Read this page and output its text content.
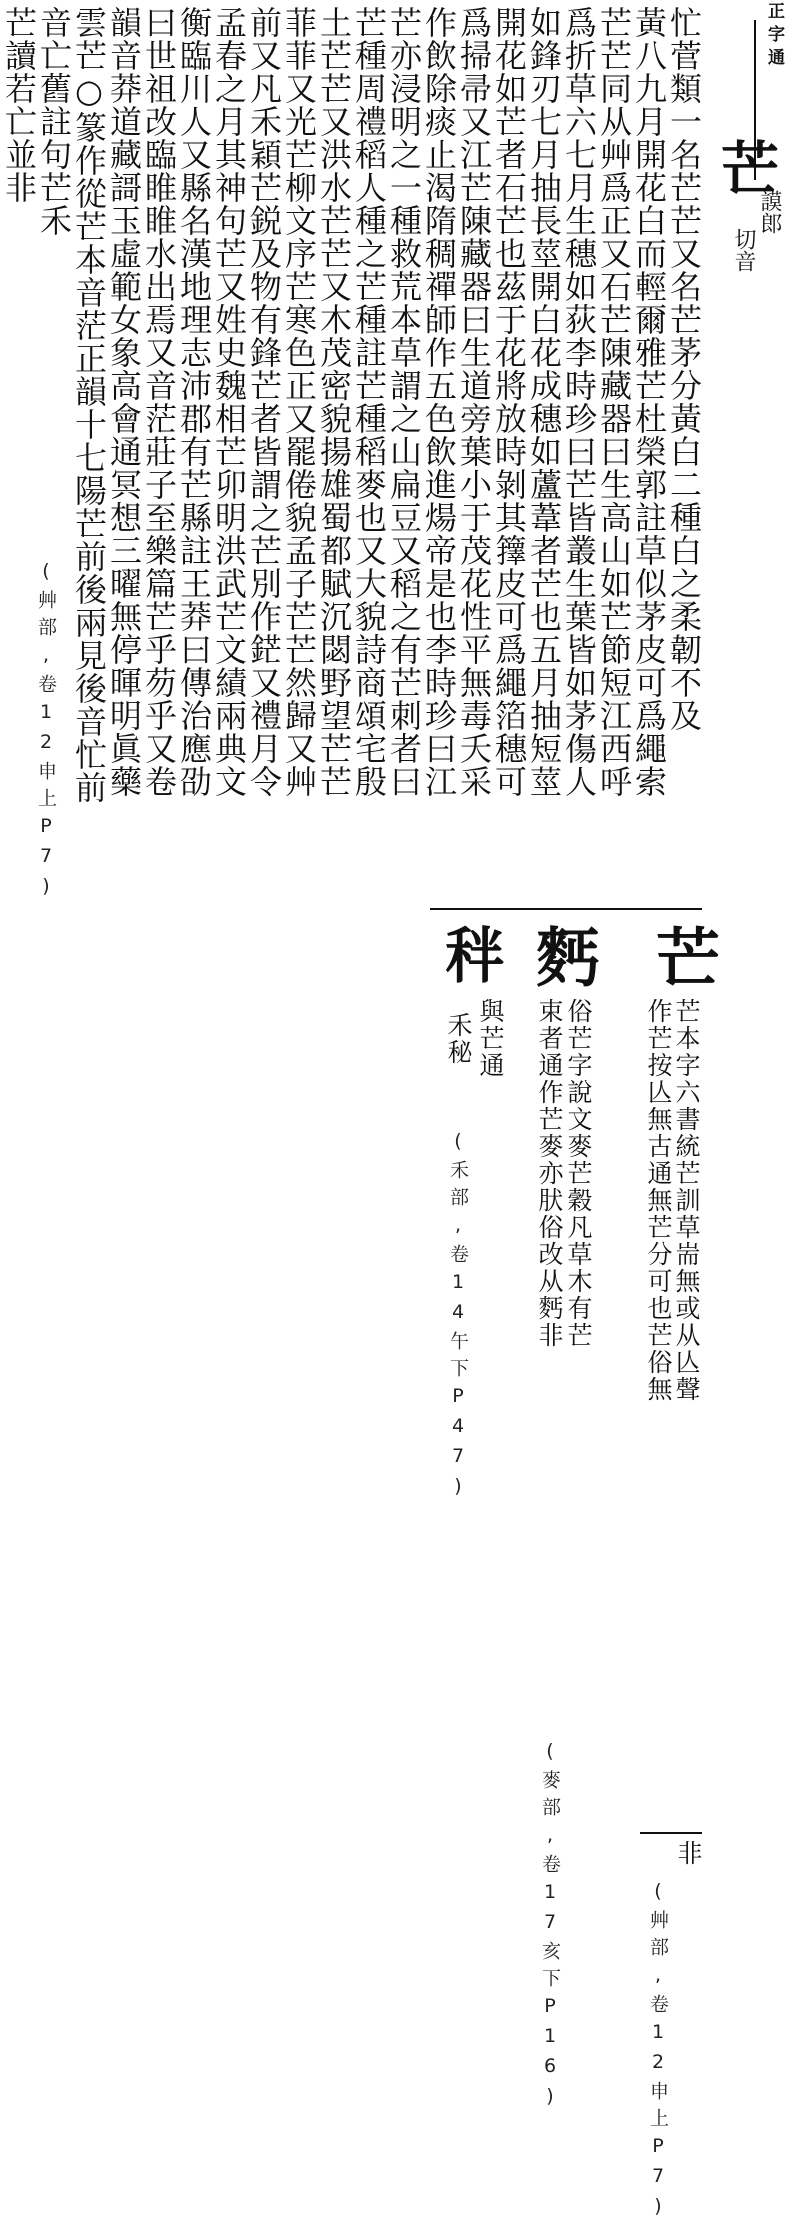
正字通
芒
謨郎
切音
忙菅類一名芒芒又名芒茅分黃白二種白之柔韌不及
黃八九月開花白而輕爾雅芒杜榮郭註草似茅皮可爲繩索
芒芒同从艸爲正又石芒陳藏器曰生高山如芒節短江西呼
爲折草六七月生穗如荻李時珍曰芒皆叢生葉皆如茅傷人
如鋒刃七月抽長莖開白花成穗如蘆葦者芒也五月抽短莖
開花如芒者石芒也茲于花將放時剝其籜皮可爲繩箔穗可
爲掃帚又江芒陳藏器曰生道旁葉小于茂花性平無毒夭采
作飲除痰止渴隋稠禪師作五色飲進煬帝是也李時珍曰江
芒亦浸明之一種救荒本草謂之山扁豆又稻之有芒刺者曰
芒種周禮稻人種之芒種註芒種稻麥也又大貌詩商頌宅殷
土芒芒又洪水芒芒又木茂密貌揚雄蜀都賦沉閟野望芒芒
菲菲又光芒柳文序芒寒色正又罷倦貌孟子芒芒然歸又艸
前又凡禾穎芒鋭及物有鋒芒者皆謂之芒別作鋩又禮月令
孟春之月其神句芒又姓史魏相芒卯明洪武芒文績兩典文
衡臨川人又縣名漢地理志沛郡有芒縣註王莽曰傳治應劭
曰世祖改臨睢睢水出焉又音茫莊子至樂篇芒乎芴乎又卷
韻音莽道藏謌玉虛範女象高會通冥想三曜無停暉明眞藥
雲芒○篆作從芒本音茫正韻十七陽芒前後兩見後音忙前
音亡舊註句芒禾
芒讀若亡並非
(艸部,卷12申上P7)
芒
芒本字六書統芒訓草耑無或从亾聲
作芒按亾無古通無芒分可也芒俗無
非
(艸部,卷12申上P7)
麫
俗芒字說文麥芒穀凡草木有芒
束者通作芒麥亦肰俗改从麫非
(麥部,卷17亥下P16)
秚
與芒通
禾秘
(禾部,卷14午下P47)
